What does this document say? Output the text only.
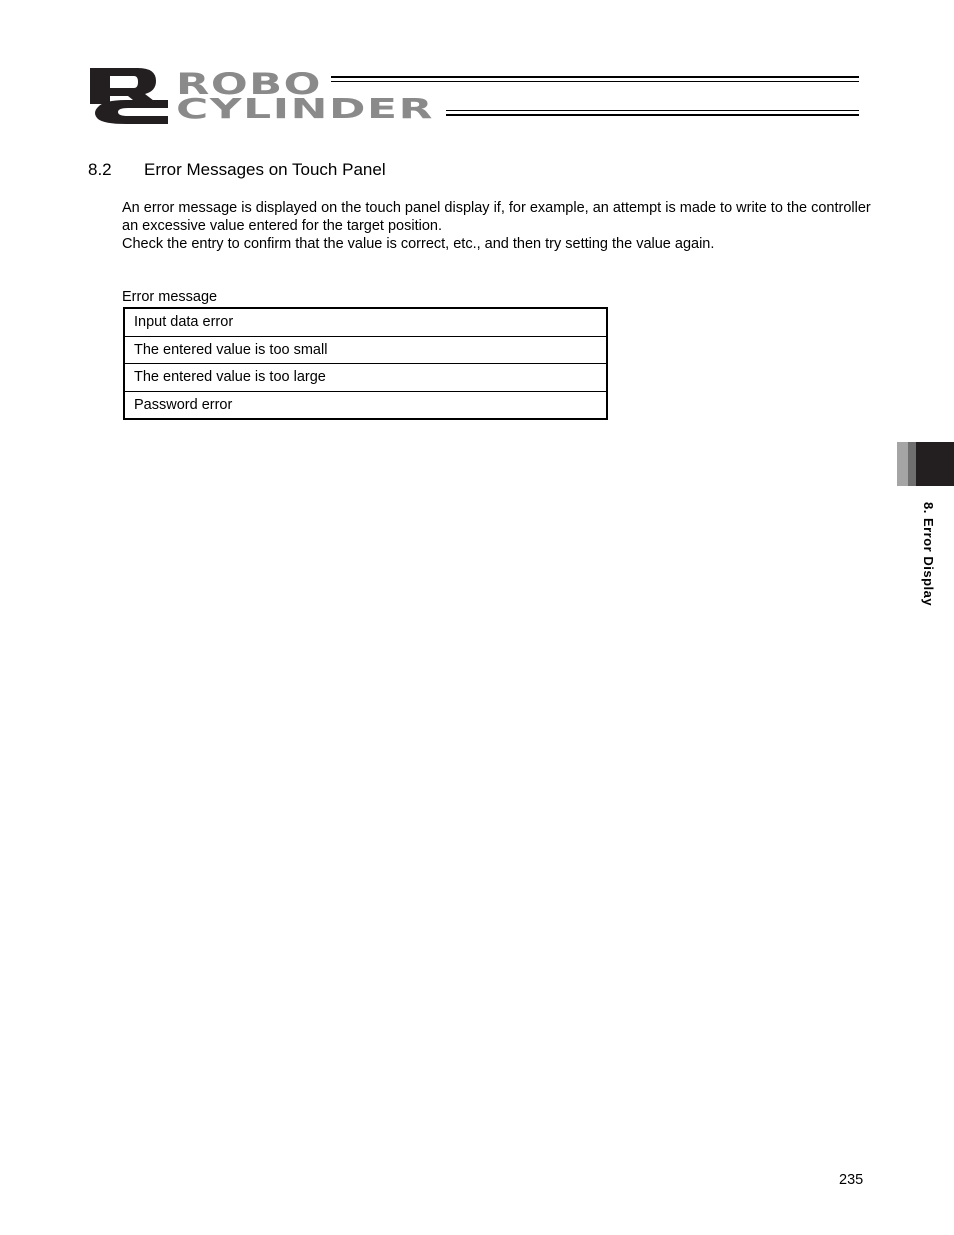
ROBO
CYLINDER
8.2 Error Messages on Touch Panel

An error message is displayed on the touch panel display if, for example, an attempt is made to write to the controller an excessive value entered for the target position.

Check the entry to confirm that the value is correct, etc., and then try setting the value again.

Error message
Input data error
The entered value is too small
The entered value is too large
Password error
8. Error Display
235
